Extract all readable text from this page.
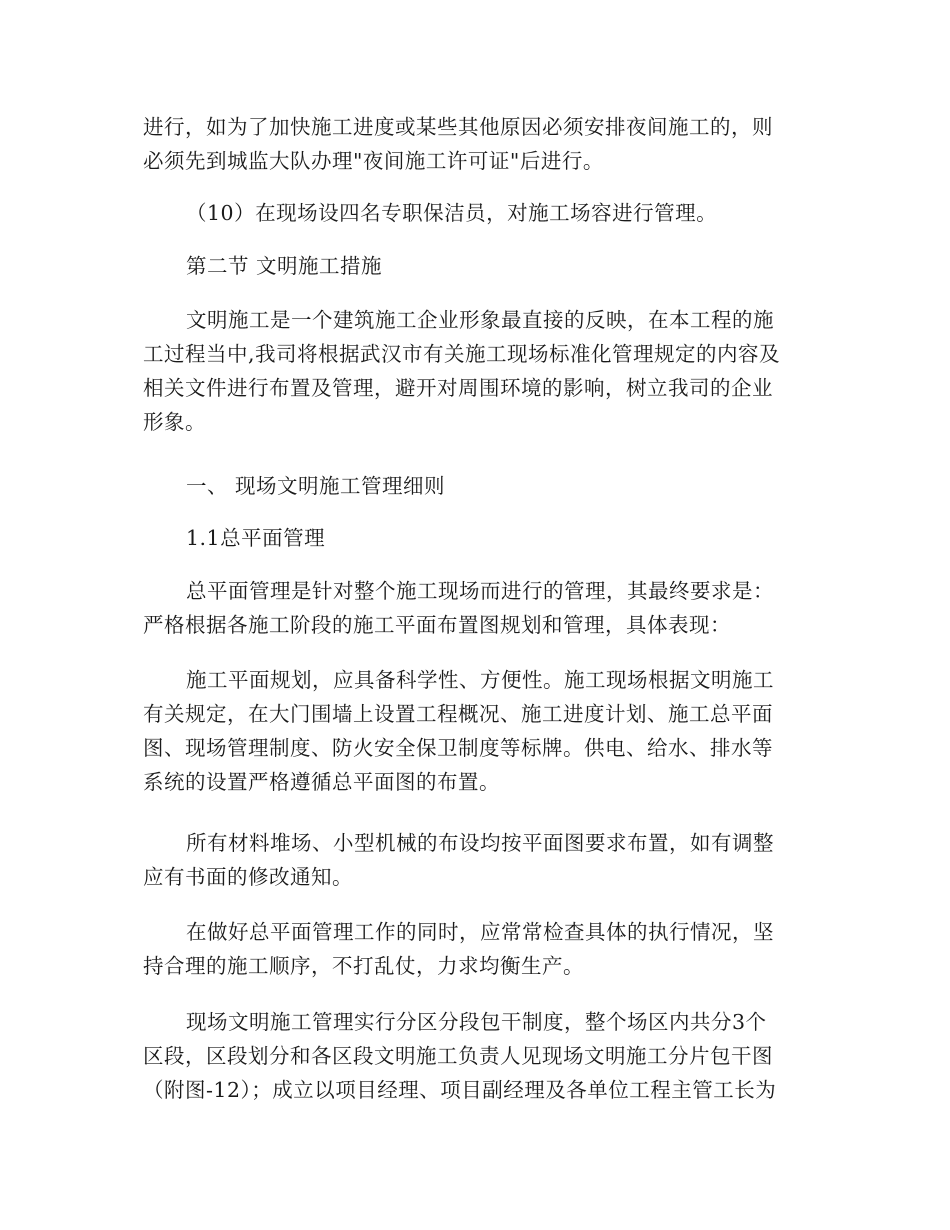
进行，如为了加快施工进度或某些其他原因必须安排夜间施工的，则
必须先到城监大队办理"夜间施工许可证"后进行。
（10）在现场设四名专职保洁员，对施工场容进行管理。
第二节 文明施工措施
文明施工是一个建筑施工企业形象最直接的反映，在本工程的施
工过程当中,我司将根据武汉市有关施工现场标准化管理规定的内容及
相关文件进行布置及管理，避开对周围环境的影响，树立我司的企业
形象。
一、 现场文明施工管理细则
1.1总平面管理
总平面管理是针对整个施工现场而进行的管理，其最终要求是：
严格根据各施工阶段的施工平面布置图规划和管理，具体表现：
施工平面规划，应具备科学性、方便性。施工现场根据文明施工
有关规定，在大门围墙上设置工程概况、施工进度计划、施工总平面
图、现场管理制度、防火安全保卫制度等标牌。供电、给水、排水等
系统的设置严格遵循总平面图的布置。
所有材料堆场、小型机械的布设均按平面图要求布置，如有调整
应有书面的修改通知。
在做好总平面管理工作的同时，应常常检查具体的执行情况，坚
持合理的施工顺序，不打乱仗，力求均衡生产。
现场文明施工管理实行分区分段包干制度，整个场区内共分3个
区段，区段划分和各区段文明施工负责人见现场文明施工分片包干图
（附图-12）；成立以项目经理、项目副经理及各单位工程主管工长为
